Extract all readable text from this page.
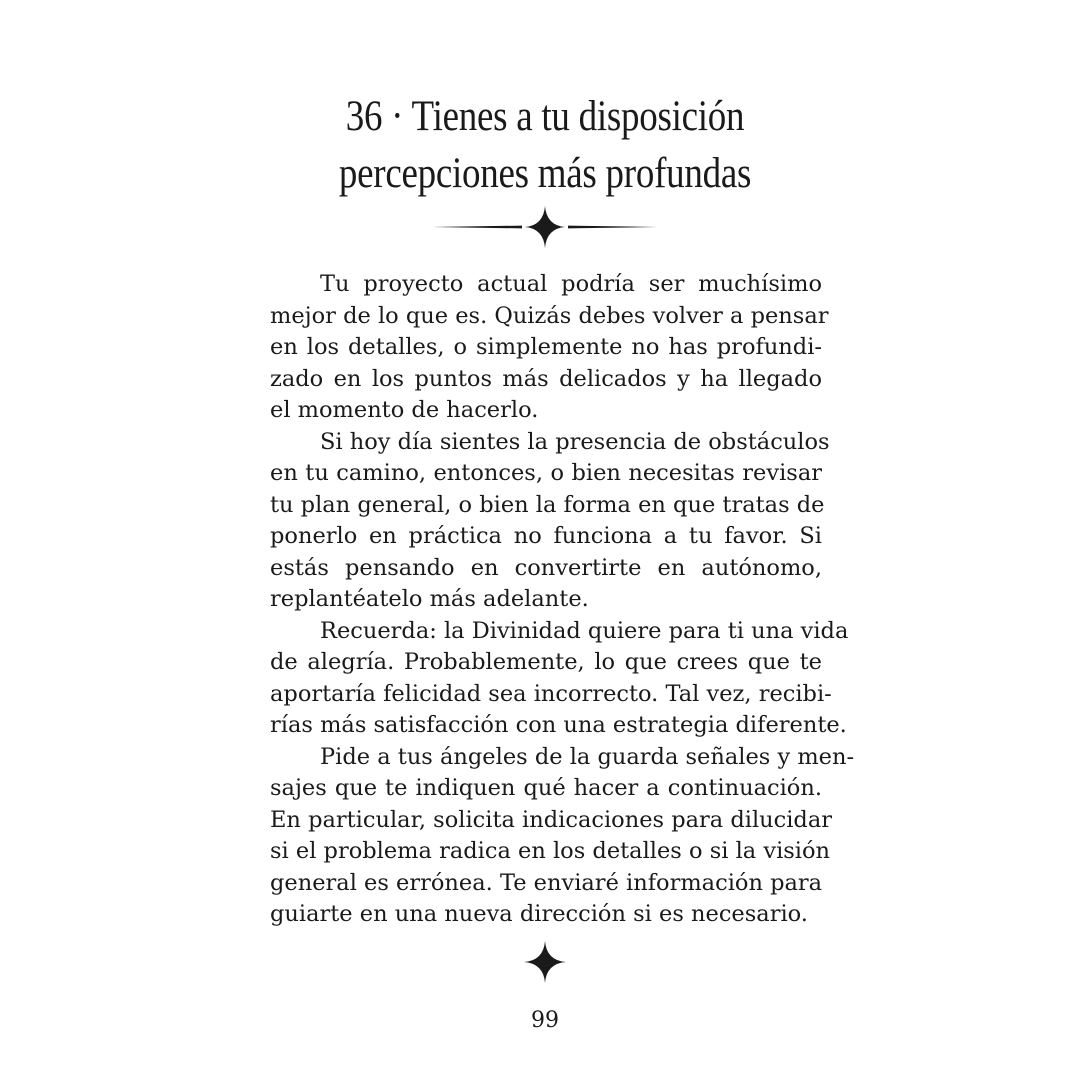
36 · Tienes a tu disposición
percepciones más profundas
Tu proyecto actual podría ser muchísimo
mejor de lo que es. Quizás debes volver a pensar
en los detalles, o simplemente no has profundi-
zado en los puntos más delicados y ha llegado
el momento de hacerlo.
Si hoy día sientes la presencia de obstáculos
en tu camino, entonces, o bien necesitas revisar
tu plan general, o bien la forma en que tratas de
ponerlo en práctica no funciona a tu favor. Si
estás pensando en convertirte en autónomo,
replantéatelo más adelante.
Recuerda: la Divinidad quiere para ti una vida
de alegría. Probablemente, lo que crees que te
aportaría felicidad sea incorrecto. Tal vez, recibi-
rías más satisfacción con una estrategia diferente.
Pide a tus ángeles de la guarda señales y men-
sajes que te indiquen qué hacer a continuación.
En particular, solicita indicaciones para dilucidar
si el problema radica en los detalles o si la visión
general es errónea. Te enviaré información para
guiarte en una nueva dirección si es necesario.
99
